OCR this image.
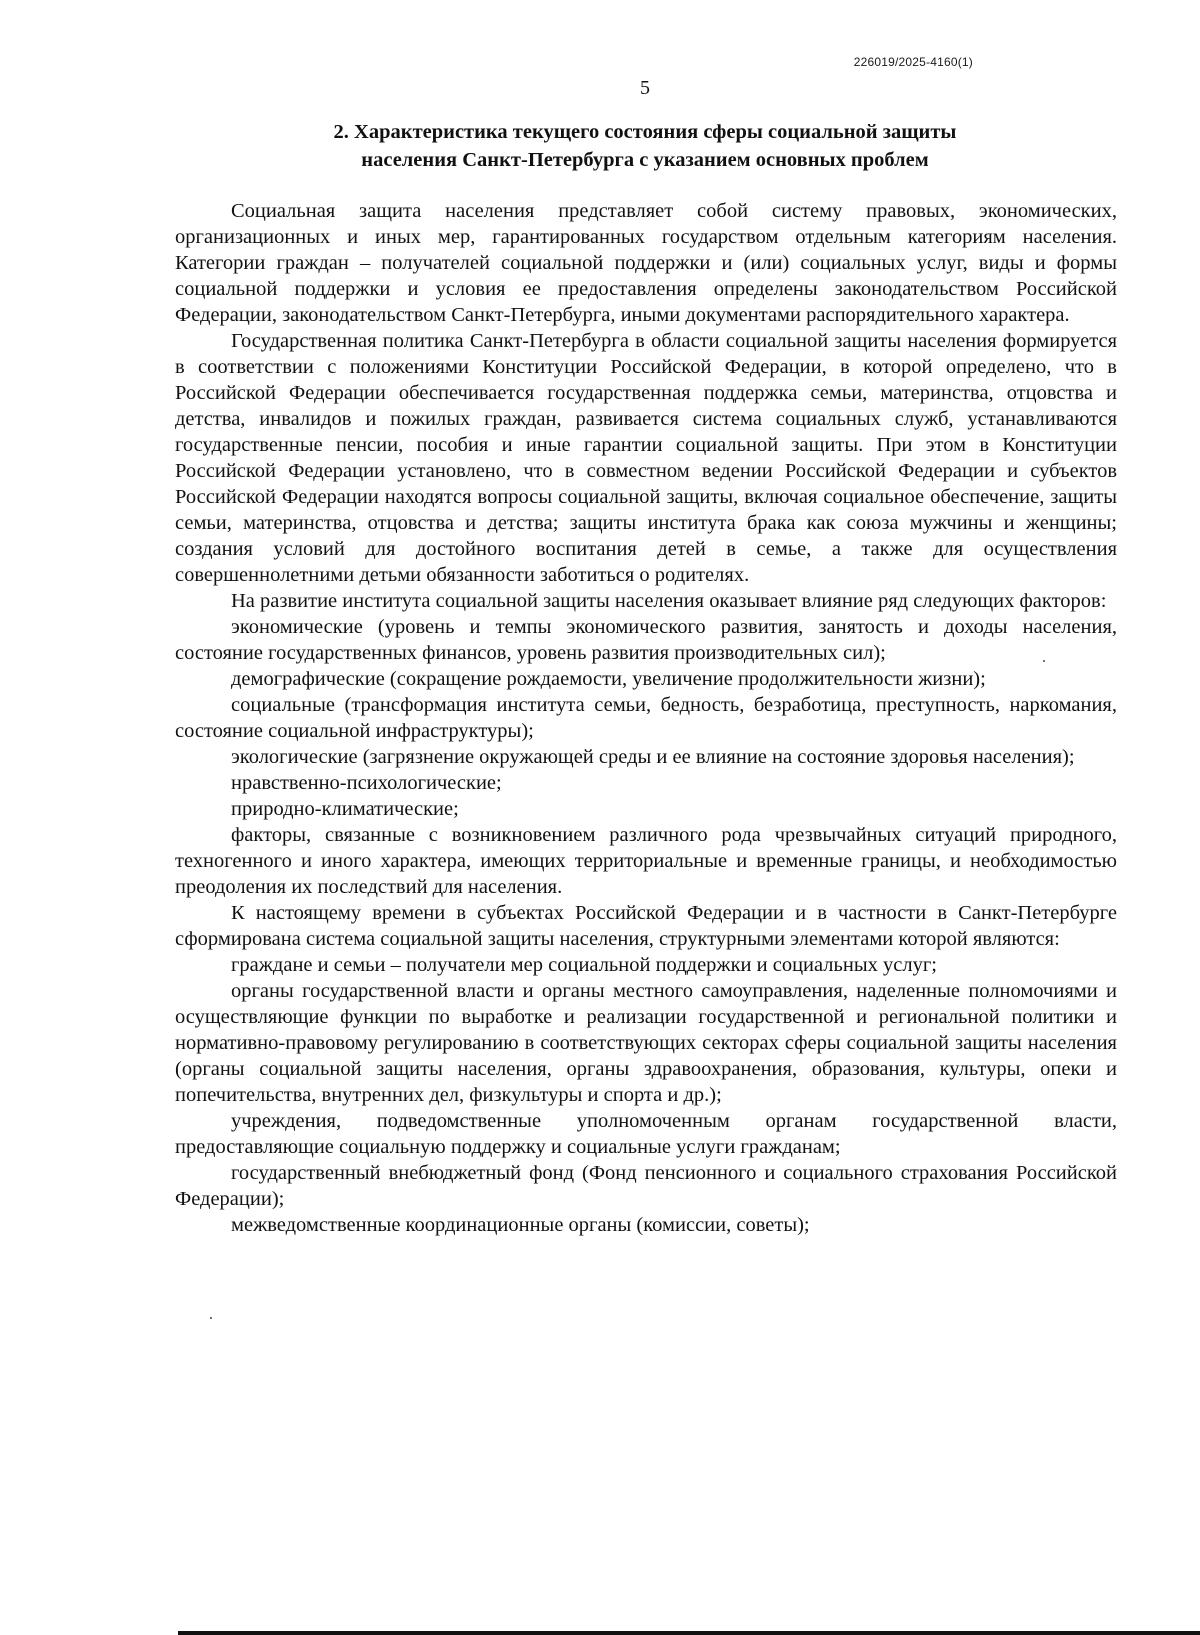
226019/2025-4160(1)
5
2. Характеристика текущего состояния сферы социальной защиты
населения Санкт-Петербурга с указанием основных проблем

Социальная защита населения представляет собой систему правовых, экономических, организационных и иных мер, гарантированных государством отдельным категориям населения. Категории граждан – получателей социальной поддержки и (или) социальных услуг, виды и формы социальной поддержки и условия ее предоставления определены законодательством Российской Федерации, законодательством Санкт-Петербурга, иными документами распорядительного характера.

Государственная политика Санкт-Петербурга в области социальной защиты населения формируется в соответствии с положениями Конституции Российской Федерации, в которой определено, что в Российской Федерации обеспечивается государственная поддержка семьи, материнства, отцовства и детства, инвалидов и пожилых граждан, развивается система социальных служб, устанавливаются государственные пенсии, пособия и иные гарантии социальной защиты. При этом в Конституции Российской Федерации установлено, что в совместном ведении Российской Федерации и субъектов Российской Федерации находятся вопросы социальной защиты, включая социальное обеспечение, защиты семьи, материнства, отцовства и детства; защиты института брака как союза мужчины и женщины; создания условий для достойного воспитания детей в семье, а также для осуществления совершеннолетними детьми обязанности заботиться о родителях.

На развитие института социальной защиты населения оказывает влияние ряд следующих факторов:

экономические (уровень и темпы экономического развития, занятость и доходы населения, состояние государственных финансов, уровень развития производительных сил);

демографические (сокращение рождаемости, увеличение продолжительности жизни);

социальные (трансформация института семьи, бедность, безработица, преступность, наркомания, состояние социальной инфраструктуры);

экологические (загрязнение окружающей среды и ее влияние на состояние здоровья населения);

нравственно-психологические;

природно-климатические;

факторы, связанные с возникновением различного рода чрезвычайных ситуаций природного, техногенного и иного характера, имеющих территориальные и временные границы, и необходимостью преодоления их последствий для населения.

К настоящему времени в субъектах Российской Федерации и в частности в Санкт-Петербурге сформирована система социальной защиты населения, структурными элементами которой являются:

граждане и семьи – получатели мер социальной поддержки и социальных услуг;

органы государственной власти и органы местного самоуправления, наделенные полномочиями и осуществляющие функции по выработке и реализации государственной и региональной политики и нормативно-правовому регулированию в соответствующих секторах сферы социальной защиты населения (органы социальной защиты населения, органы здравоохранения, образования, культуры, опеки и попечительства, внутренних дел, физкультуры и спорта и др.);

учреждения, подведомственные уполномоченным органам государственной власти, предоставляющие социальную поддержку и социальные услуги гражданам;

государственный внебюджетный фонд (Фонд пенсионного и социального страхования Российской Федерации);

межведомственные координационные органы (комиссии, советы);
